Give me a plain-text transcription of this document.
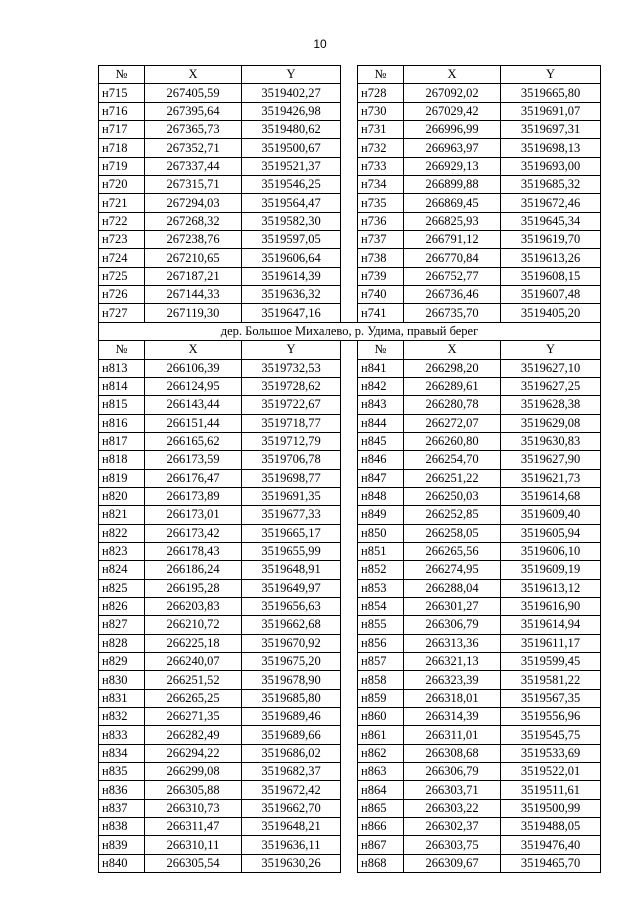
10
№	X	Y		№	X	Y
н715	267405,59	3519402,27		н728	267092,02	3519665,80
н716	267395,64	3519426,98		н730	267029,42	3519691,07
н717	267365,73	3519480,62		н731	266996,99	3519697,31
н718	267352,71	3519500,67		н732	266963,97	3519698,13
н719	267337,44	3519521,37		н733	266929,13	3519693,00
н720	267315,71	3519546,25		н734	266899,88	3519685,32
н721	267294,03	3519564,47		н735	266869,45	3519672,46
н722	267268,32	3519582,30		н736	266825,93	3519645,34
н723	267238,76	3519597,05		н737	266791,12	3519619,70
н724	267210,65	3519606,64		н738	266770,84	3519613,26
н725	267187,21	3519614,39		н739	266752,77	3519608,15
н726	267144,33	3519636,32		н740	266736,46	3519607,48
н727	267119,30	3519647,16		н741	266735,70	3519405,20
дер. Большое Михалево, р. Удима, правый берег						
№	X	Y		№	X	Y
н813	266106,39	3519732,53		н841	266298,20	3519627,10
н814	266124,95	3519728,62		н842	266289,61	3519627,25
н815	266143,44	3519722,67		н843	266280,78	3519628,38
н816	266151,44	3519718,77		н844	266272,07	3519629,08
н817	266165,62	3519712,79		н845	266260,80	3519630,83
н818	266173,59	3519706,78		н846	266254,70	3519627,90
н819	266176,47	3519698,77		н847	266251,22	3519621,73
н820	266173,89	3519691,35		н848	266250,03	3519614,68
н821	266173,01	3519677,33		н849	266252,85	3519609,40
н822	266173,42	3519665,17		н850	266258,05	3519605,94
н823	266178,43	3519655,99		н851	266265,56	3519606,10
н824	266186,24	3519648,91		н852	266274,95	3519609,19
н825	266195,28	3519649,97		н853	266288,04	3519613,12
н826	266203,83	3519656,63		н854	266301,27	3519616,90
н827	266210,72	3519662,68		н855	266306,79	3519614,94
н828	266225,18	3519670,92		н856	266313,36	3519611,17
н829	266240,07	3519675,20		н857	266321,13	3519599,45
н830	266251,52	3519678,90		н858	266323,39	3519581,22
н831	266265,25	3519685,80		н859	266318,01	3519567,35
н832	266271,35	3519689,46		н860	266314,39	3519556,96
н833	266282,49	3519689,66		н861	266311,01	3519545,75
н834	266294,22	3519686,02		н862	266308,68	3519533,69
н835	266299,08	3519682,37		н863	266306,79	3519522,01
н836	266305,88	3519672,42		н864	266303,71	3519511,61
н837	266310,73	3519662,70		н865	266303,22	3519500,99
н838	266311,47	3519648,21		н866	266302,37	3519488,05
н839	266310,11	3519636,11		н867	266303,75	3519476,40
н840	266305,54	3519630,26		н868	266309,67	3519465,70
